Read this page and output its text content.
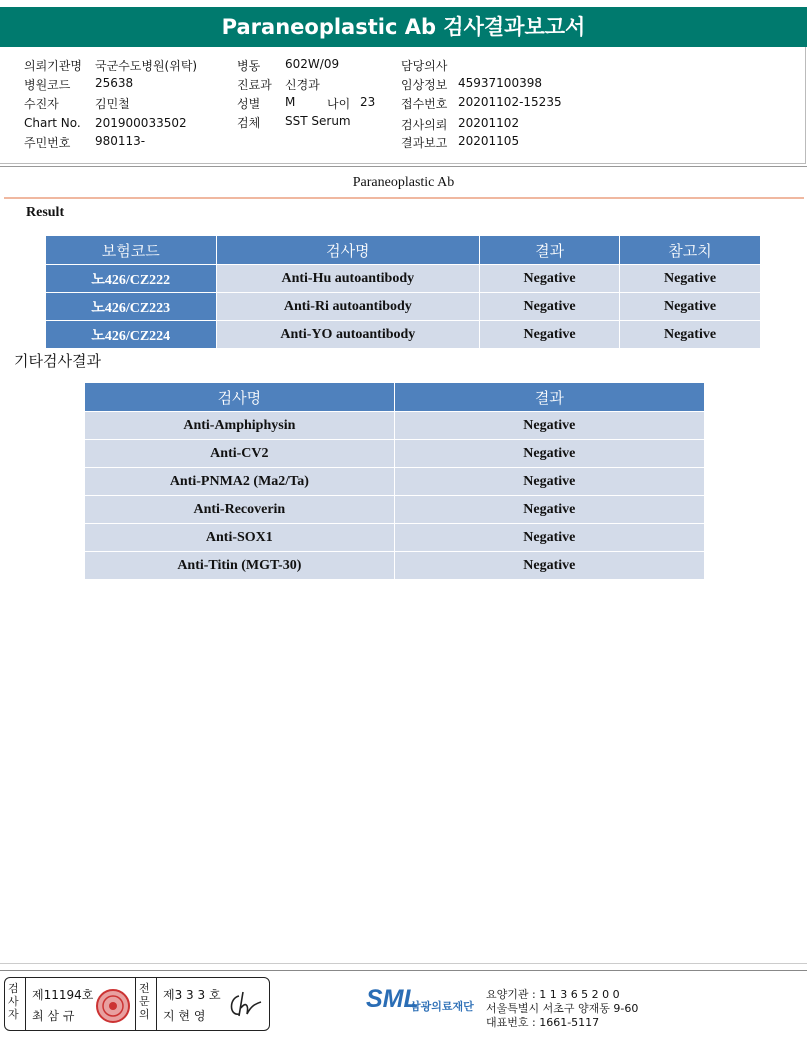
Paraneoplastic Ab 검사결과보고서
의뢰기관명 국군수도병원(위탁)
병원코드 25638
수진자	김민철
Chart No. 201900033502
주민번호 980113-
병동 602W/09
진료과 신경과
성별 M	나이 23
검체 SST Serum
담당의사
임상정보 45937100398
접수번호 20201102-15235
검사의뢰 20201102
결과보고 20201105
Paraneoplastic Ab
Result
보험코드	검사명	결과	참고치
노426/CZ222	Anti-Hu autoantibody	Negative	Negative
노426/CZ223	Anti-Ri autoantibody	Negative	Negative
노426/CZ224	Anti-YO autoantibody	Negative	Negative
기타검사결과
검사명	결과
Anti-Amphiphysin	Negative
Anti-CV2	Negative
Anti-PNMA2 (Ma2/Ta)	Negative
Anti-Recoverin	Negative
Anti-SOX1	Negative
Anti-Titin (MGT-30)	Negative
검사자
제11194호
최 삼 규
전문의
제3 3 3 호
지 현 영
SML
삼광의료재단
요양기관 : 1 1 3 6 5 2 0 0
서울특별시 서초구 양재동 9-60
대표번호 : 1661-5117
